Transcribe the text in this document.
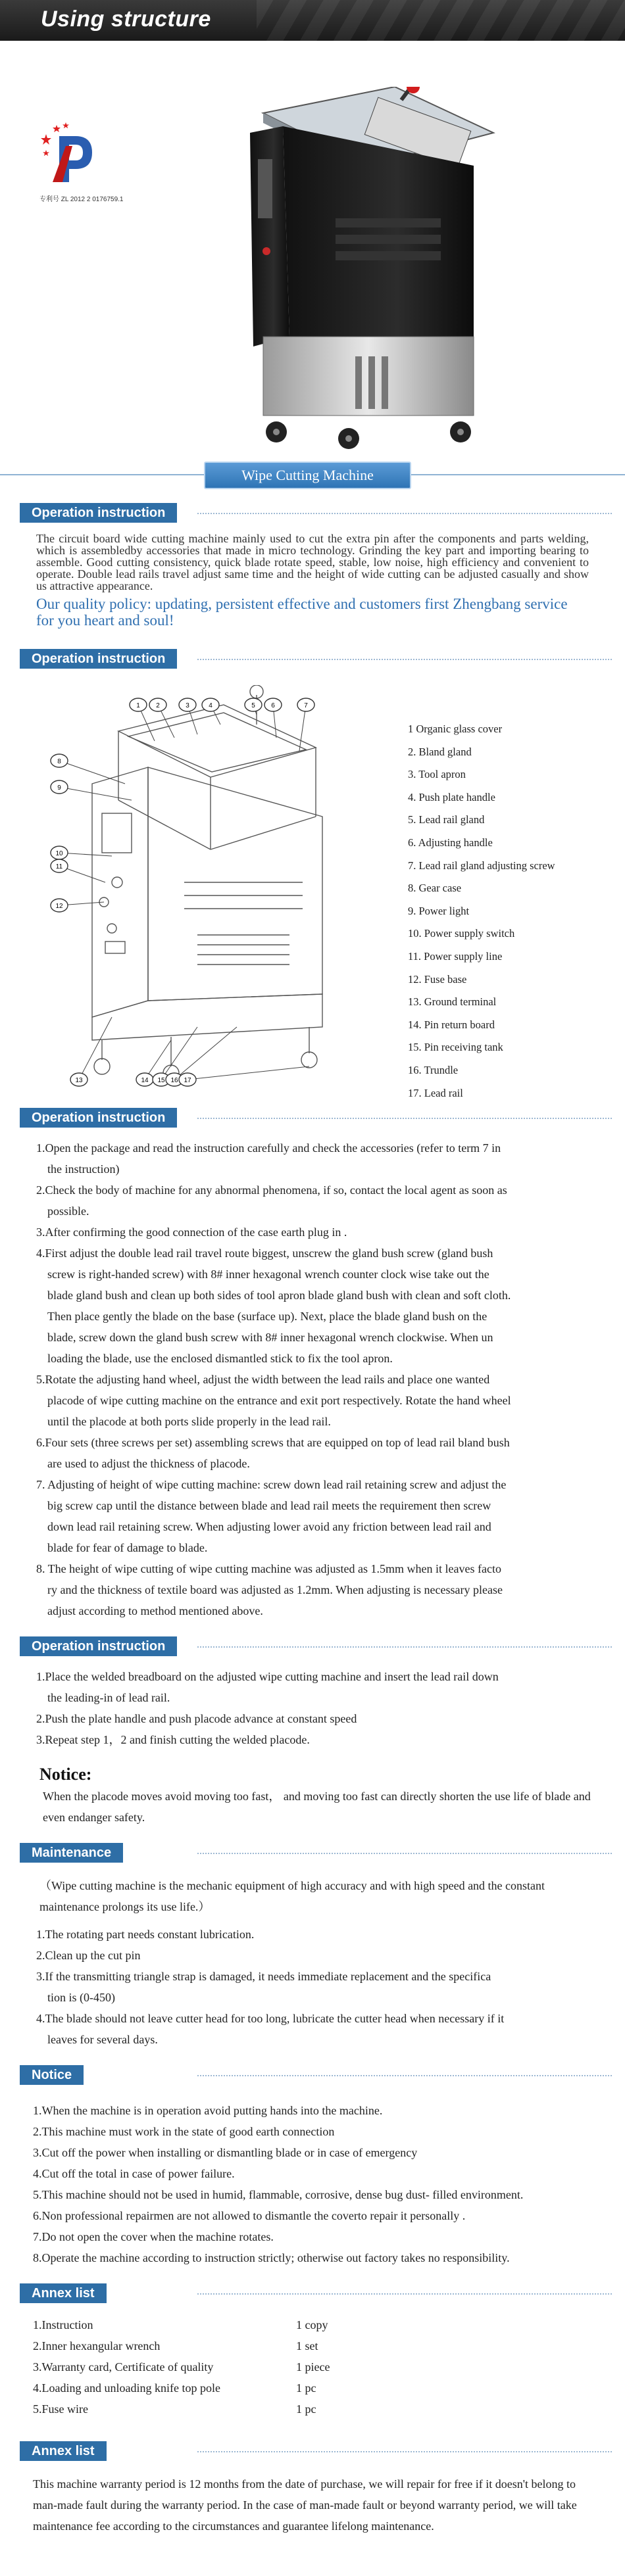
Using structure
专利号 ZL 2012 2 0176759.1
Wipe Cutting Machine
Operation instruction

The circuit board wide cutting machine mainly used to cut the extra pin after the components and parts welding, which is assembledby accessories that made in micro technology. Grinding the key part and importing bearing to assemble. Good cutting consistency, quick blade rotate speed, stable, low noise, high efficiency and convenient to operate. Double lead rails travel adjust same time and the height of wide cutting can be adjusted casually and show us attractive appearance.

Our quality policy: updating, persistent effective and customers first Zhengbang service for you heart and soul!

Operation instruction
1 2	3	4	5 6	7
8
9
10
11
12
13	14 15 16 17
1 Organic glass cover
2. Bland gland
3. Tool apron
4. Push plate handle
5. Lead rail gland
6. Adjusting handle
7. Lead rail gland adjusting screw
8. Gear case
9. Power light
10. Power supply switch
11. Power supply line
12. Fuse base
13. Ground terminal
14. Pin return board
15. Pin receiving tank
16. Trundle
17. Lead rail
Operation instruction
1.Open the package and read the instruction carefully and check the accessories (refer to term 7 in
the instruction)
2.Check the body of machine for any abnormal phenomena, if so, contact the local agent as soon as
possible.
3.After confirming the good connection of the case earth plug in .
4.First adjust the double lead rail travel route biggest, unscrew the gland bush screw (gland bush
screw is right-handed screw) with 8# inner hexagonal wrench counter clock wise take out the
blade gland bush and clean up both sides of tool apron blade gland bush with clean and soft cloth.
Then place gently the blade on the base (surface up). Next, place the blade gland bush on the
blade, screw down the gland bush screw with 8# inner hexagonal wrench clockwise. When un
loading the blade, use the enclosed dismantled stick to fix the tool apron.
5.Rotate the adjusting hand wheel, adjust the width between the lead rails and place one wanted
placode of wipe cutting machine on the entrance and exit port respectively. Rotate the hand wheel
until the placode at both ports slide properly in the lead rail.
6.Four sets (three screws per set) assembling screws that are equipped on top of lead rail bland bush
are used to adjust the thickness of placode.
7. Adjusting of height of wipe cutting machine: screw down lead rail retaining screw and adjust the
big screw cap until the distance between blade and lead rail meets the requirement then screw
down lead rail retaining screw. When adjusting lower avoid any friction between lead rail and
blade for fear of damage to blade.
8. The height of wipe cutting of wipe cutting machine was adjusted as 1.5mm when it leaves facto
ry and the thickness of textile board was adjusted as 1.2mm. When adjusting is necessary please
adjust according to method mentioned above.
Operation instruction
1.Place the welded breadboard on the adjusted wipe cutting machine and insert the lead rail down
the leading-in of lead rail.
2.Push the plate handle and push placode advance at constant speed
3.Repeat step 1，2 and finish cutting the welded placode.
Notice:

When the placode moves avoid moving too fast， and moving too fast can directly shorten the use life of blade and even endanger safety.

Maintenance

（Wipe cutting machine is the mechanic equipment of high accuracy and with high speed and the constant maintenance prolongs its use life.）

1.The rotating part needs constant lubrication.
2.Clean up the cut pin
3.If the transmitting triangle strap is damaged, it needs immediate replacement and the specifica
tion is (0-450)
4.The blade should not leave cutter head for too long, lubricate the cutter head when necessary if it
leaves for several days.
Notice
1.When the machine is in operation avoid putting hands into the machine.
2.This machine must work in the state of good earth connection
3.Cut off the power when installing or dismantling blade or in case of emergency
4.Cut off the total in case of power failure.
5.This machine should not be used in humid, flammable, corrosive, dense bug dust- filled environment.
6.Non professional repairmen are not allowed to dismantle the coverto repair it personally .
7.Do not open the cover when the machine rotates.
8.Operate the machine according to instruction strictly; otherwise out factory takes no responsibility.
Annex list
1.Instruction	1 copy
2.Inner hexangular wrench	1 set
3.Warranty card, Certificate of quality	1 piece
4.Loading and unloading knife top pole	1 pc
5.Fuse wire	1 pc
Annex list

This machine warranty period is 12 months from the date of purchase, we will repair for free if it doesn't belong to man-made fault during the warranty period. In the case of man-made fault or beyond warranty period, we will take maintenance fee according to the circumstances and guarantee lifelong maintenance.
